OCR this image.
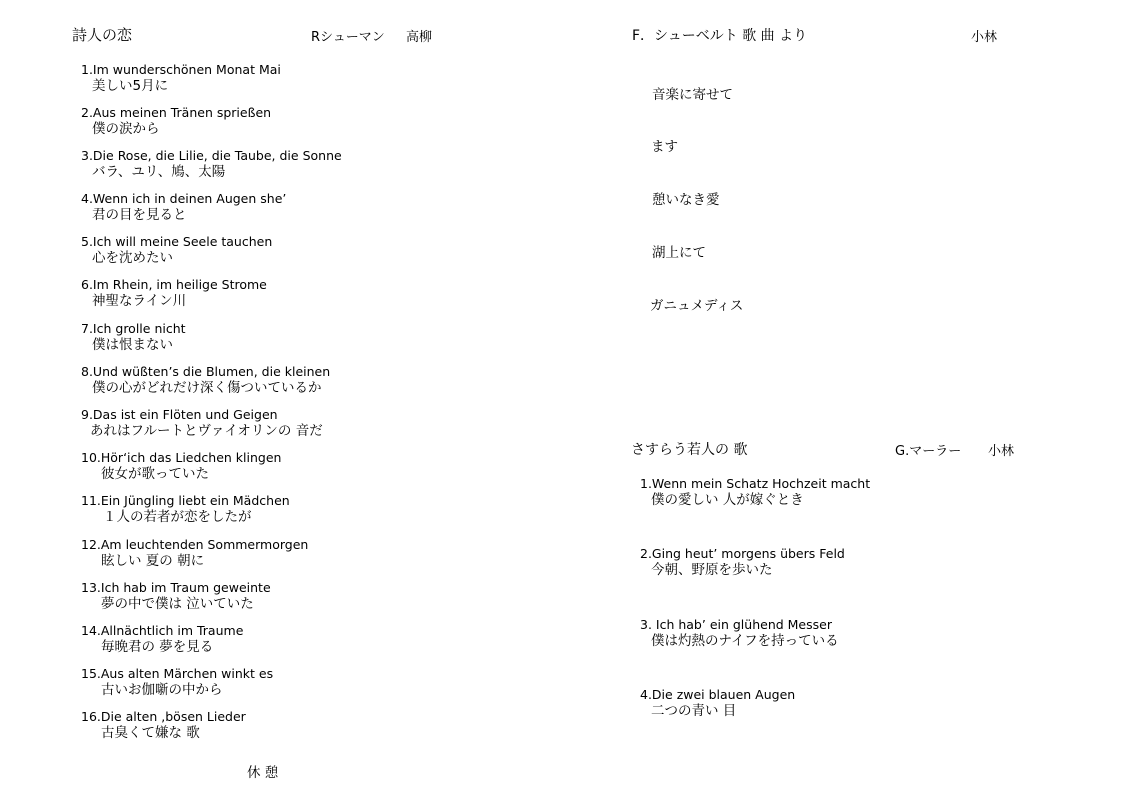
詩人の恋	Rシューマン 高柳
1.Im wunderschönen Monat Mai
美しい5月に
2.Aus meinen Tränen sprießen
僕の涙から
3.Die Rose, die Lilie, die Taube, die Sonne
バラ、ユリ、鳩、太陽
4.Wenn ich in deinen Augen she’
君の目を見ると
5.Ich will meine Seele tauchen
心を沈めたい
6.Im Rhein, im heilige Strome
神聖なライン川
7.Ich grolle nicht
僕は恨まない
8.Und wüßten’s die Blumen, die kleinen
僕の心がどれだけ深く傷ついているか
9.Das ist ein Flöten und Geigen
あれはフルートとヴァイオリンの 音だ
10.Hör‘ich das Liedchen klingen
彼女が歌っていた
11.Ein Jüngling liebt ein Mädchen
１人の若者が恋をしたが
12.Am leuchtenden Sommermorgen
眩しい 夏の 朝に
13.Ich hab im Traum geweinte
夢の中で僕は 泣いていた
14.Allnächtlich im Traume
毎晩君の 夢を見る
15.Aus alten Märchen winkt es
古いお伽噺の中から
16.Die alten ,bösen Lieder
古臭くて嫌な 歌
休 憩
F．シューベルト 歌 曲 より	小林
音楽に寄せて
ます
憩いなき愛
湖上にて
ガニュメディス
さすらう若人の 歌	G.マーラー 小林
1.Wenn mein Schatz Hochzeit macht
僕の愛しい 人が嫁ぐとき
2.Ging heut’ morgens übers Feld
今朝、野原を歩いた
3. Ich hab’ ein glühend Messer
僕は灼熱のナイフを持っている
4.Die zwei blauen Augen
二つの青い 目
